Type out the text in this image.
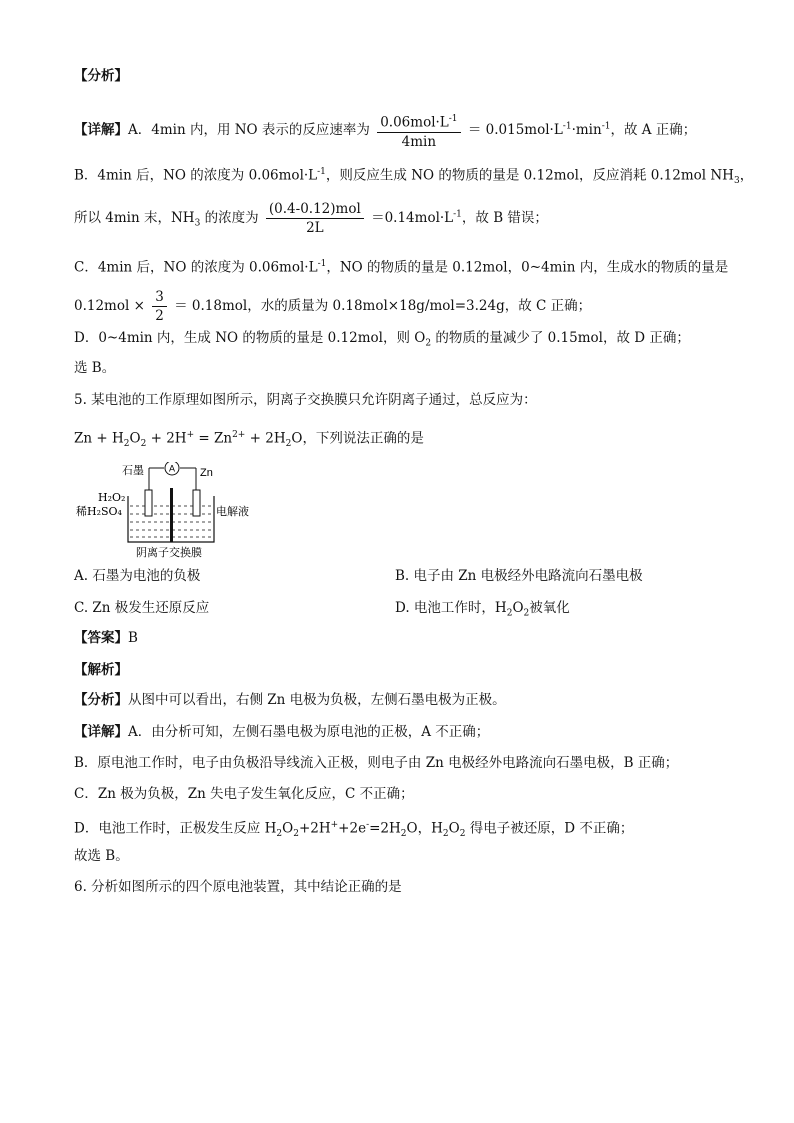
【分析】
【详解】A．4min 内，用 NO 表示的反应速率为 $\frac{0.06mol\cdot L^{-1}}{4\min} = 0.015mol\cdot L^{-1}\cdot\min^{-1}$，故 A 正确；
B．4min 后，NO 的浓度为 $0.06mol\cdot L^{-1}$，则反应生成 NO 的物质的量是 0.12mol，反应消耗 0.12mol $NH_3$，
所以 4min 末，$NH_3$ 的浓度为 $\frac{\text{(0.4-0.12)mol}}{2L} =0.14mol\cdot L^{-1}$，故 B 错误；
C．4min 后，NO 的浓度为 $0.06mol\cdot L^{-1}$，NO 的物质的量是 0.12mol，0~4min 内，生成水的物质的量是
$0.12mol \times \frac{3}{2} = 0.18mol$，水的质量为 0.18mol×18g/mol=3.24g，故 C 正确；
D．0~4min 内，生成 NO 的物质的量是 0.12mol，则 $O_2$ 的物质的量减少了 0.15mol，故 D 正确；
选 B。
5. 某电池的工作原理如图所示，阴离子交换膜只允许阴离子通过，总反应为：
$Zn + H_2O_2 + 2H^+ = Zn^{2+} + 2H_2O$，下列说法正确的是
A
石墨	Zn
H₂O₂
稀H₂SO₄	电解液
阴离子交换膜
A. 石墨为电池的负极	B. 电子由 Zn 电极经外电路流向石墨电极
C. Zn 极发生还原反应	D. 电池工作时，$H_2O_2$被氧化
【答案】B
【解析】
【分析】从图中可以看出，右侧 Zn 电极为负极，左侧石墨电极为正极。
【详解】A．由分析可知，左侧石墨电极为原电池的正极，A 不正确；
B．原电池工作时，电子由负极沿导线流入正极，则电子由 Zn 电极经外电路流向石墨电极，B 正确；
C．Zn 极为负极，Zn 失电子发生氧化反应，C 不正确；
D．电池工作时，正极发生反应 $H_2O_2+2H^++2e^-=2H_2O$，$H_2O_2$ 得电子被还原，D 不正确；
故选 B。
6. 分析如图所示的四个原电池装置，其中结论正确的是
